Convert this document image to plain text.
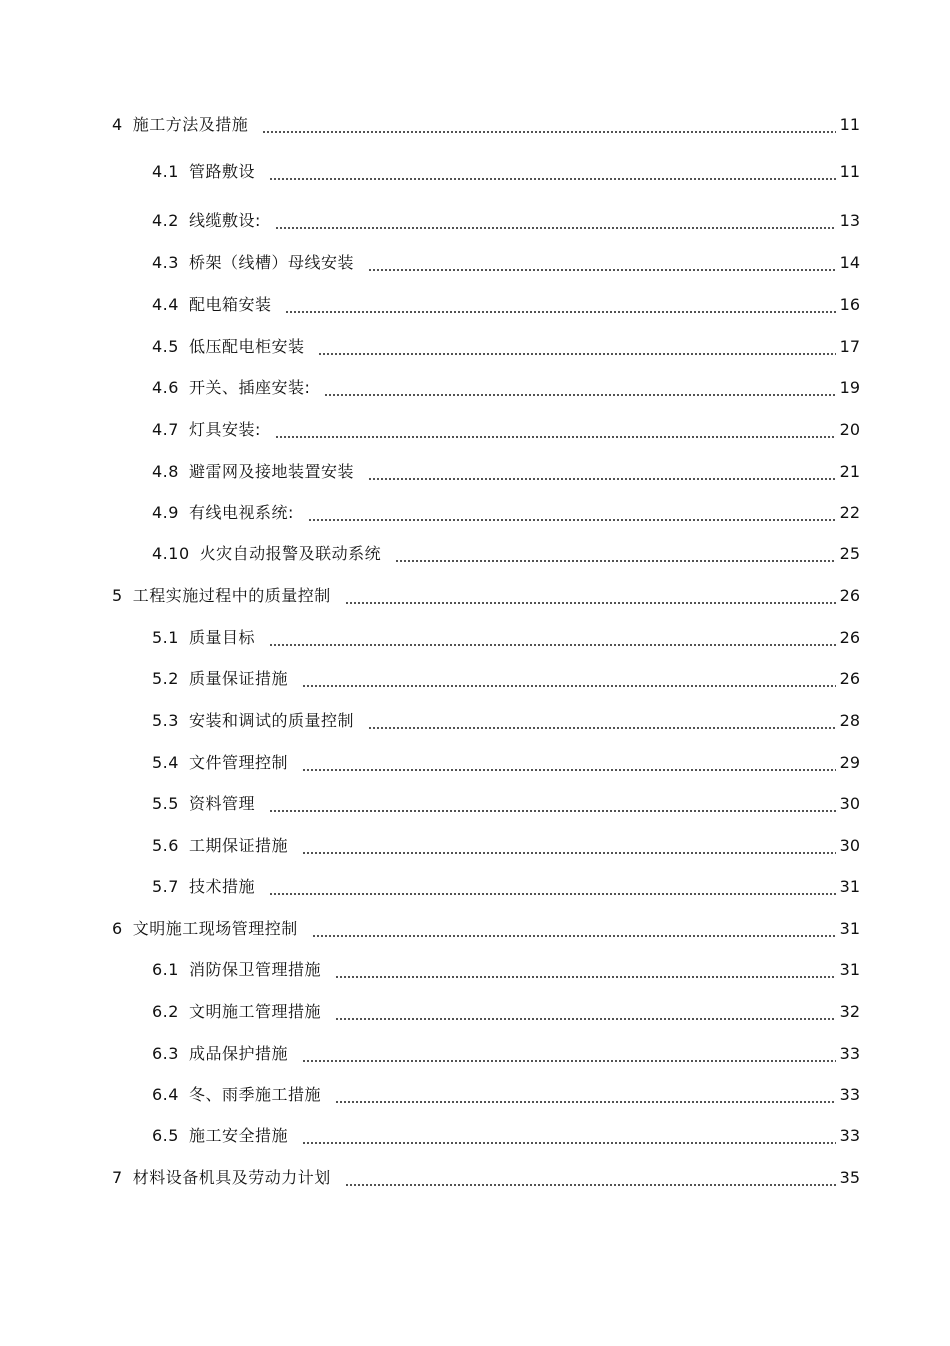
4 施工方法及措施	11
4.1 管路敷设	11
4.2 线缆敷设:	13
4.3 桥架（线槽）母线安装	14
4.4 配电箱安装	16
4.5 低压配电柜安装	17
4.6 开关、插座安装:	19
4.7 灯具安装:	20
4.8 避雷网及接地装置安装	21
4.9 有线电视系统:	22
4.10 火灾自动报警及联动系统	25
5 工程实施过程中的质量控制	26
5.1 质量目标	26
5.2 质量保证措施	26
5.3 安装和调试的质量控制	28
5.4 文件管理控制	29
5.5 资料管理	30
5.6 工期保证措施	30
5.7 技术措施	31
6 文明施工现场管理控制	31
6.1 消防保卫管理措施	31
6.2 文明施工管理措施	32
6.3 成品保护措施	33
6.4 冬、雨季施工措施	33
6.5 施工安全措施	33
7 材料设备机具及劳动力计划	35
